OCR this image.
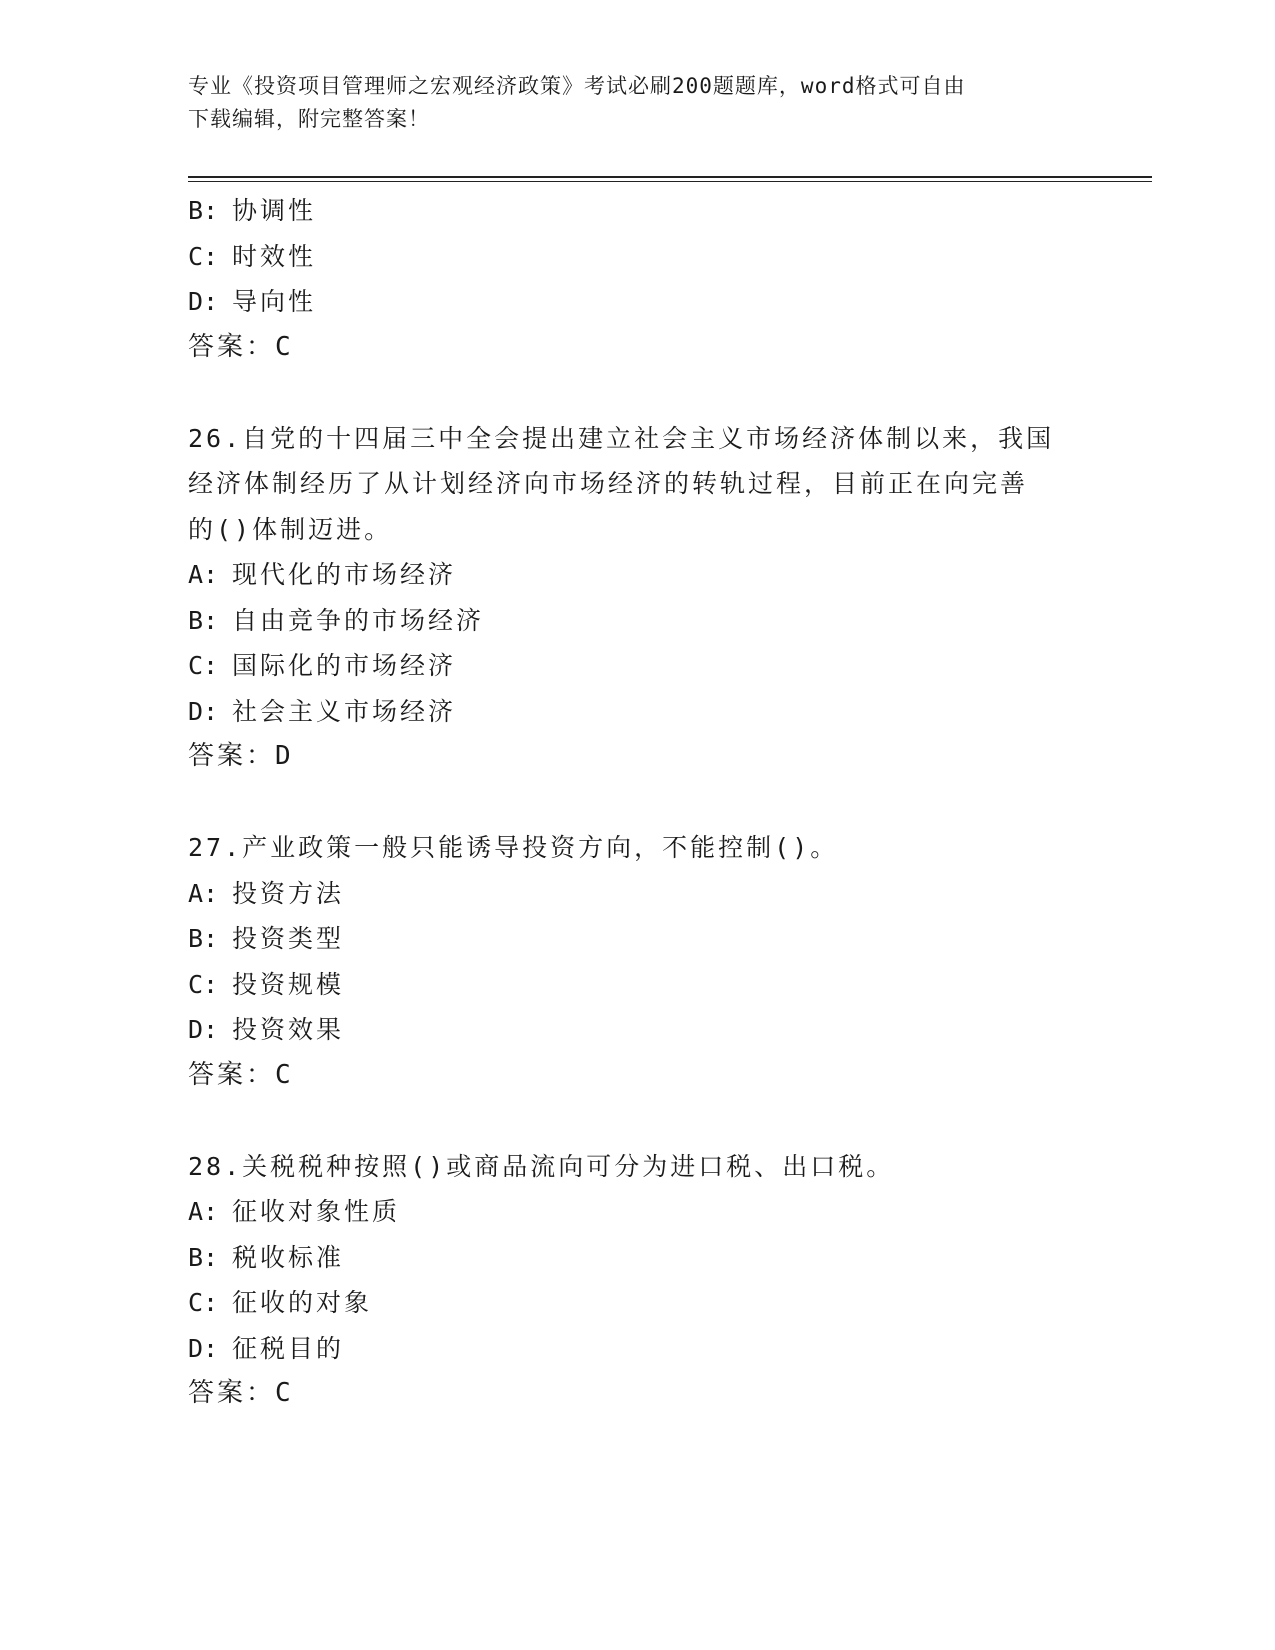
专业《投资项目管理师之宏观经济政策》考试必刷200题题库，word格式可自由
下载编辑，附完整答案！
B: 协调性
C: 时效性
D: 导向性
答案：C
26.自党的十四届三中全会提出建立社会主义市场经济体制以来，我国
经济体制经历了从计划经济向市场经济的转轨过程，目前正在向完善
的()体制迈进。
A: 现代化的市场经济
B: 自由竞争的市场经济
C: 国际化的市场经济
D: 社会主义市场经济
答案：D
27.产业政策一般只能诱导投资方向，不能控制()。
A: 投资方法
B: 投资类型
C: 投资规模
D: 投资效果
答案：C
28.关税税种按照()或商品流向可分为进口税、出口税。
A: 征收对象性质
B: 税收标准
C: 征收的对象
D: 征税目的
答案：C
